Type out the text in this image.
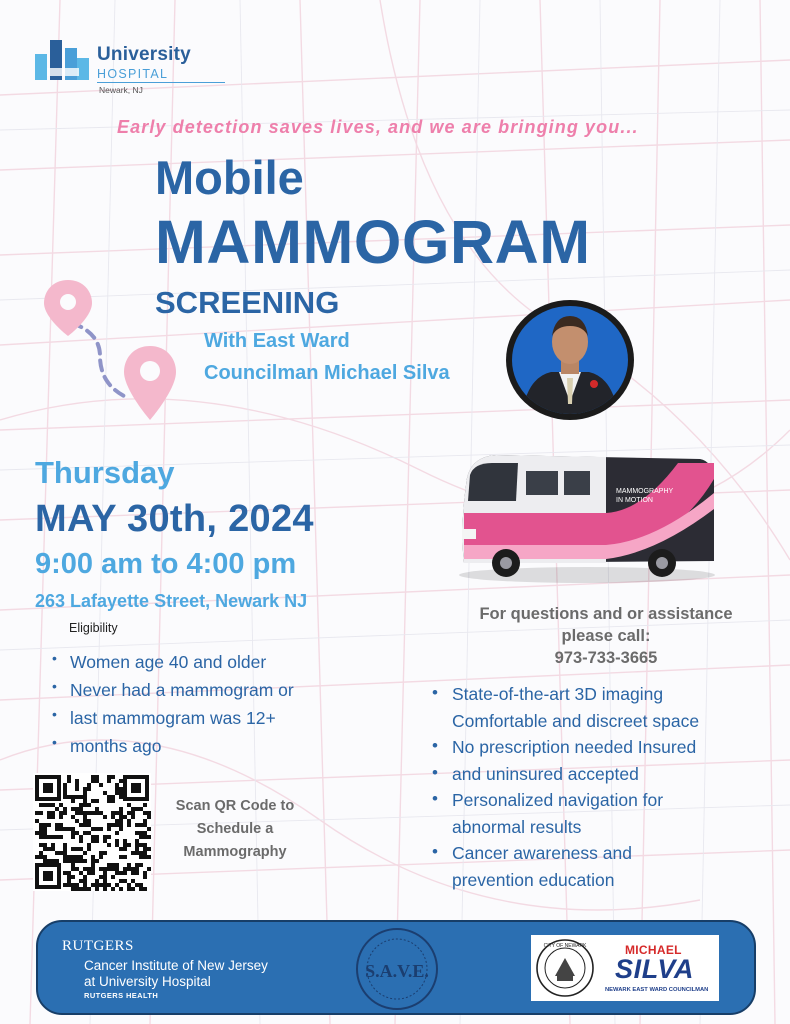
University
HOSPITAL
Newark, NJ
Early detection saves lives, and we are bringing you...
Mobile
MAMMOGRAM
SCREENING
With East Ward
Councilman Michael Silva
Thursday
MAY 30th, 2024
9:00 am to 4:00 pm
263 Lafayette Street, Newark NJ
Eligibility
• Women age 40 and older
• Never had a mammogram or
• last mammogram was 12+
• months ago
Scan QR Code to
Schedule a
Mammography
MAMMOGRAPHY
IN MOTION
For questions and or assistance
please call:
973-733-3665
• State-of-the-art 3D imaging
Comfortable and discreet space
• No prescription needed Insured
• and uninsured accepted
• Personalized navigation for
abnormal results
• Cancer awareness and
prevention education
RUTGERS
Cancer Institute of New Jersey
at University Hospital
RUTGERS HEALTH
S.A.V.E.
CITY OF NEWARK	MICHAEL
SILVA
NEWARK EAST WARD COUNCILMAN
